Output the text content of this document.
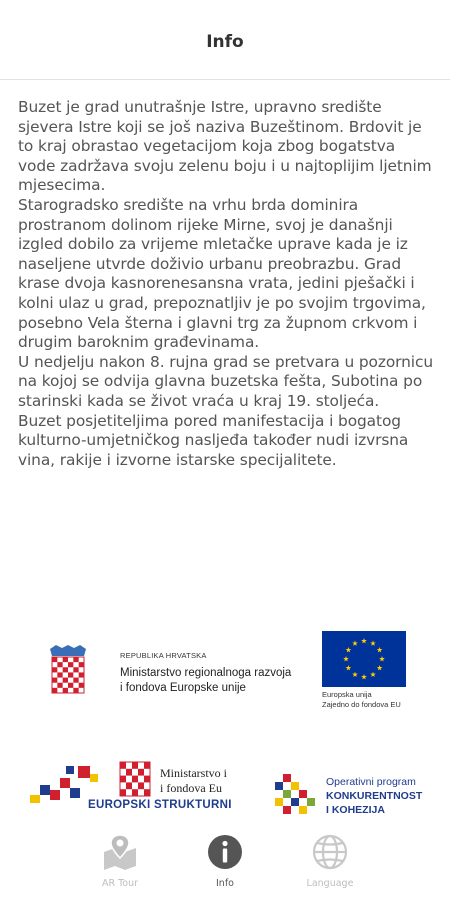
Info

Buzet je grad unutrašnje Istre, upravno središte sjevera Istre koji se još naziva Buzeštinom. Brdovit je to kraj obrastao vegetacijom koja zbog bogatstva vode zadržava svoju zelenu boju i u najtoplijim ljetnim mjesecima.

Starogradsko središte na vrhu brda dominira prostranom dolinom rijeke Mirne, svoj je današnji izgled dobilo za vrijeme mletačke uprave kada je iz naseljene utvrde doživio urbanu preobrazbu. Grad krase dvoja kasnorenesansna vrata, jedini pješački i kolni ulaz u grad, prepoznatljiv je po svojim trgovima, posebno Vela šterna i glavni trg za župnom crkvom i drugim baroknim građevinama.

U nedjelju nakon 8. rujna grad se pretvara u pozornicu na kojoj se odvija glavna buzetska fešta, Subotina po starinski kada se život vraća u kraj 19. stoljeća.

Buzet posjetiteljima pored manifestacija i bogatog kulturno-umjetničkog nasljeđa također nudi izvrsna vina, rakije i izvorne istarske specijalitete.

REPUBLIKA HRVATSKA
Ministarstvo regionalnoga razvoja
i fondova Europske unije
Europska unija
Zajedno do fondova EU
Ministarstvo i
i fondova Eu
EUROPSKI STRUKTURNI
Operativni program
KONKURENTNOST
I KOHEZIJA
AR Tour	Info	Language
